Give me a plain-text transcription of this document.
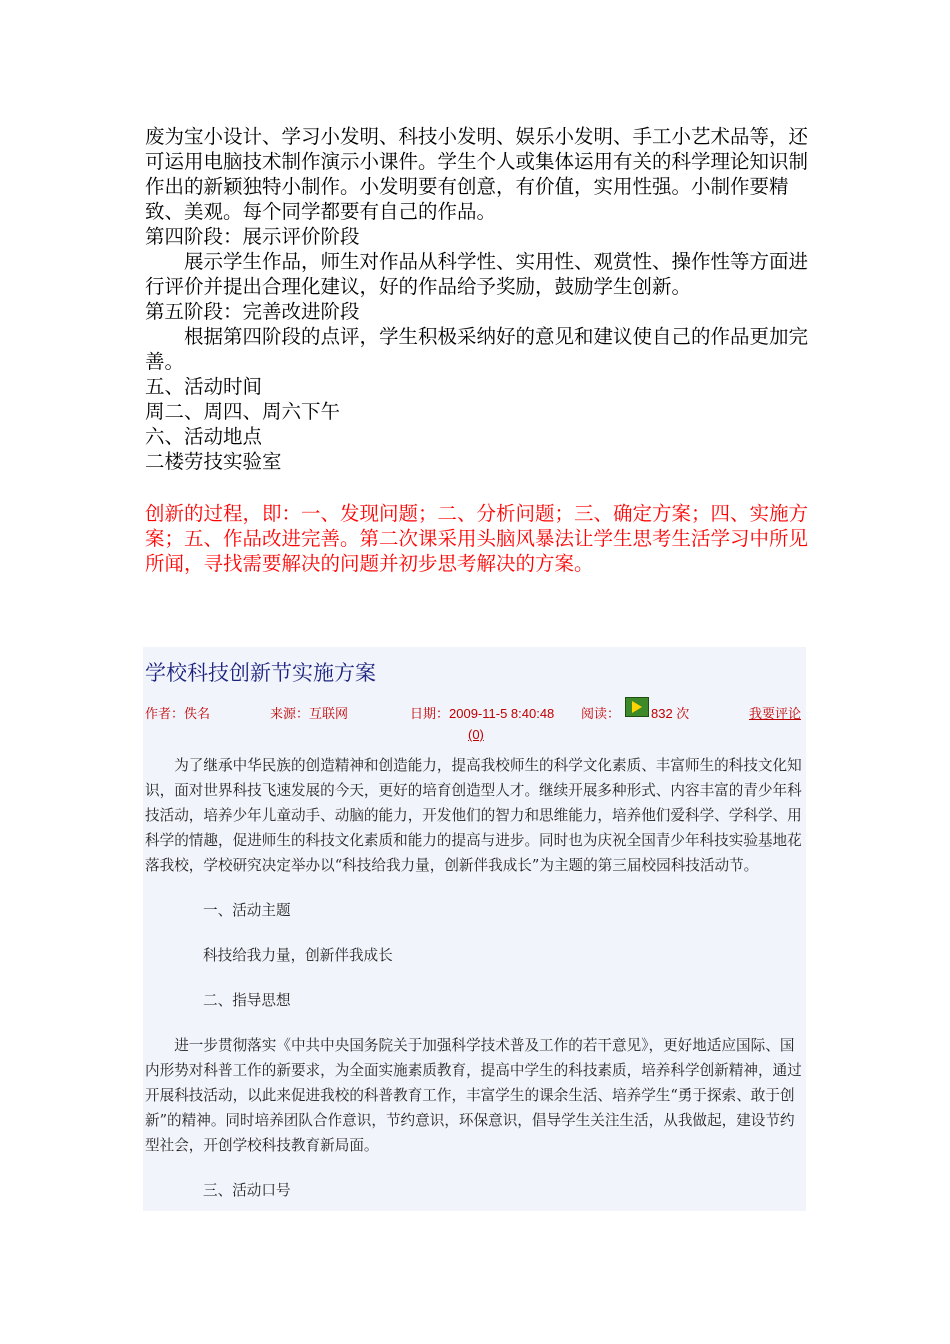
废为宝小设计、学习小发明、科技小发明、娱乐小发明、手工小艺术品等，还可运用电脑技术制作演示小课件。学生个人或集体运用有关的科学理论知识制作出的新颖独特小制作。小发明要有创意，有价值，实用性强。小制作要精致、美观。每个同学都要有自己的作品。

第四阶段：展示评价阶段

展示学生作品，师生对作品从科学性、实用性、观赏性、操作性等方面进行评价并提出合理化建议，好的作品给予奖励，鼓励学生创新。

第五阶段：完善改进阶段

根据第四阶段的点评，学生积极采纳好的意见和建议使自己的作品更加完善。

五、活动时间

周二、周四、周六下午

六、活动地点

二楼劳技实验室

创新的过程，即：一、发现问题；二、分析问题；三、确定方案；四、实施方案；五、作品改进完善。第二次课采用头脑风暴法让学生思考生活学习中所见所闻，寻找需要解决的问题并初步思考解决的方案。

学校科技创新节实施方案
作者：佚名	来源：互联网	日期：2009-11-5 8:40:48 阅读： 832 次	我要评论
(0)

为了继承中华民族的创造精神和创造能力，提高我校师生的科学文化素质、丰富师生的科技文化知识，面对世界科技飞速发展的今天，更好的培育创造型人才。继续开展多种形式、内容丰富的青少年科技活动，培养少年儿童动手、动脑的能力，开发他们的智力和思维能力，培养他们爱科学、学科学、用科学的情趣，促进师生的科技文化素质和能力的提高与进步。同时也为庆祝全国青少年科技实验基地花落我校，学校研究决定举办以“科技给我力量，创新伴我成长”为主题的第三届校园科技活动节。

一、活动主题

科技给我力量，创新伴我成长

二、指导思想

进一步贯彻落实《中共中央国务院关于加强科学技术普及工作的若干意见》，更好地适应国际、国内形势对科普工作的新要求，为全面实施素质教育，提高中学生的科技素质，培养科学创新精神，通过开展科技活动，以此来促进我校的科普教育工作，丰富学生的课余生活、培养学生“勇于探索、敢于创新”的精神。同时培养团队合作意识，节约意识，环保意识，倡导学生关注生活，从我做起，建设节约型社会，开创学校科技教育新局面。

三、活动口号
